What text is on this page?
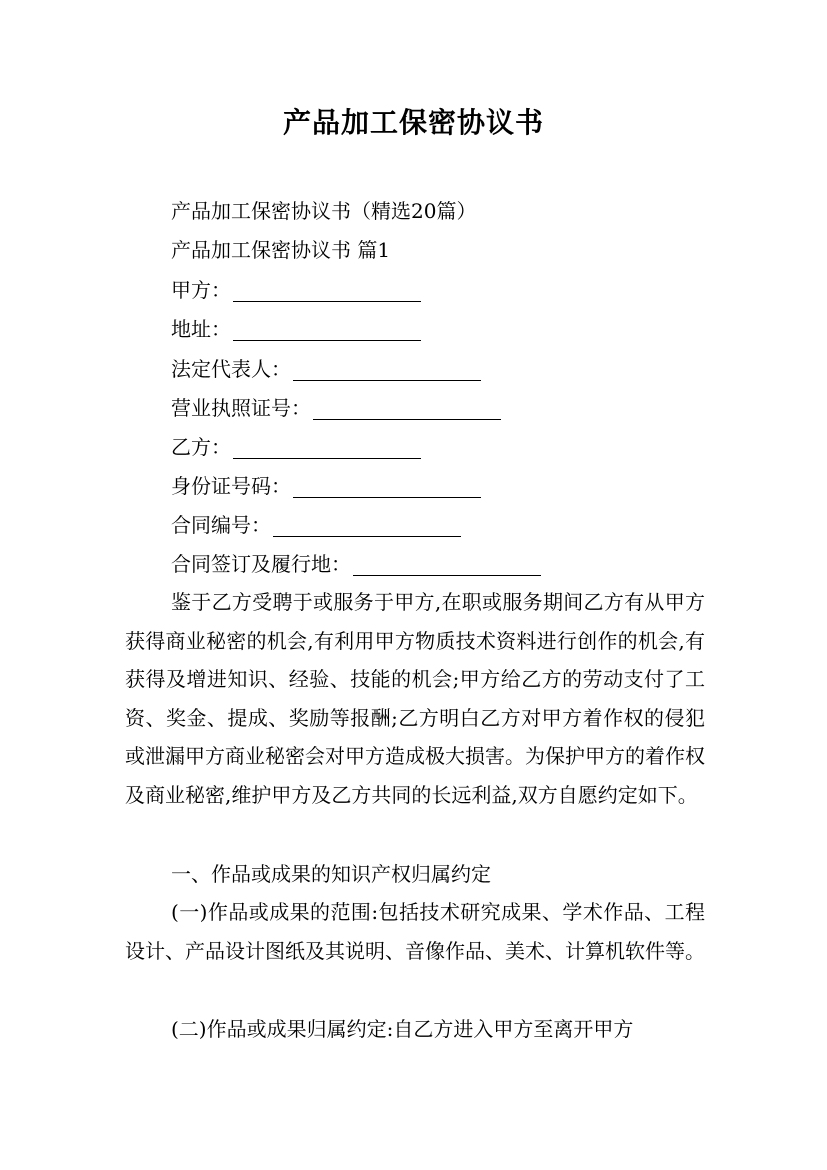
产品加工保密协议书
产品加工保密协议书（精选20篇）
产品加工保密协议书 篇1
甲方：
地址：
法定代表人：
营业执照证号：
乙方：
身份证号码：
合同编号：
合同签订及履行地：
鉴于乙方受聘于或服务于甲方,在职或服务期间乙方有从甲方获得商业秘密的机会,有利用甲方物质技术资料进行创作的机会,有获得及增进知识、经验、技能的机会;甲方给乙方的劳动支付了工资、奖金、提成、奖励等报酬;乙方明白乙方对甲方着作权的侵犯或泄漏甲方商业秘密会对甲方造成极大损害。为保护甲方的着作权及商业秘密,维护甲方及乙方共同的长远利益,双方自愿约定如下。
一、作品或成果的知识产权归属约定
(一)作品或成果的范围:包括技术研究成果、学术作品、工程设计、产品设计图纸及其说明、音像作品、美术、计算机软件等。
(二)作品或成果归属约定:自乙方进入甲方至离开甲方
